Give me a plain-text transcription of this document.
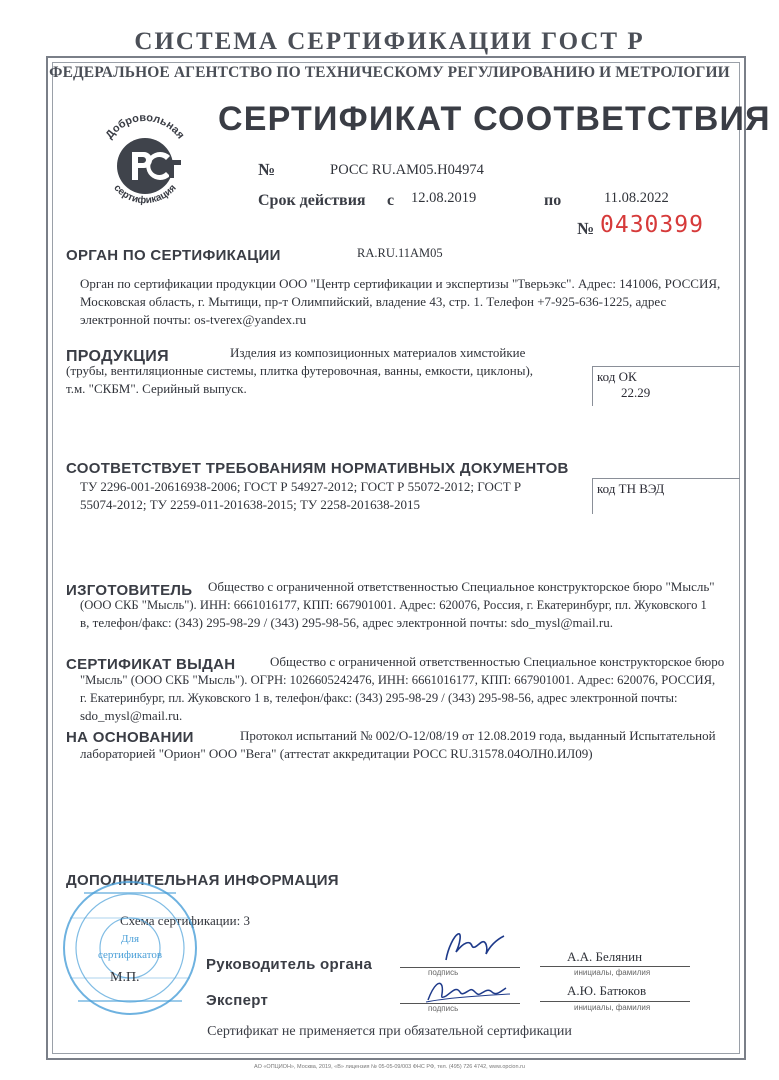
СИСТЕМА СЕРТИФИКАЦИИ ГОСТ Р
ФЕДЕРАЛЬНОЕ АГЕНТСТВО ПО ТЕХНИЧЕСКОМУ РЕГУЛИРОВАНИЮ И МЕТРОЛОГИИ
Добровольная
сертификация
СЕРТИФИКАТ СООТВЕТСТВИЯ
№	РОСС RU.AM05.H04974
Срок действия с 12.08.2019	по	11.08.2022
№ 0430399
ОРГАН ПО СЕРТИФИКАЦИИ	RA.RU.11AM05
Орган по сертификации продукции ООО "Центр сертификации и экспертизы "Тверьэкс". Адрес: 141006, РОССИЯ, Московская область, г. Мытищи, пр-т Олимпийский, владение 43, стр. 1. Телефон +7-925-636-1225, адрес электронной почты: os-tverex@yandex.ru
ПРОДУКЦИЯ	Изделия из композиционных материалов химстойкие
(трубы, вентиляционные системы, плитка футеровочная, ванны, емкости, циклоны),
т.м. "СКБМ". Серийный выпуск.
код ОК
22.29
СООТВЕТСТВУЕТ ТРЕБОВАНИЯМ НОРМАТИВНЫХ ДОКУМЕНТОВ
ТУ 2296-001-20616938-2006; ГОСТ Р 54927-2012; ГОСТ Р 55072-2012; ГОСТ Р
55074-2012; ТУ 2259-011-201638-2015; ТУ 2258-201638-2015
код ТН ВЭД
ИЗГОТОВИТЕЛЬ Общество с ограниченной ответственностью Специальное конструкторское бюро "Мысль"
(ООО СКБ "Мысль"). ИНН: 6661016177, КПП: 667901001. Адрес: 620076, Россия, г. Екатеринбург, пл. Жуковского 1
в, телефон/факс: (343) 295-98-29 / (343) 295-98-56, адрес электронной почты: sdo_mysl@mail.ru.
СЕРТИФИКАТ ВЫДАН	Общество с ограниченной ответственностью Специальное конструкторское бюро
"Мысль" (ООО СКБ "Мысль"). ОГРН: 1026605242476, ИНН: 6661016177, КПП: 667901001. Адрес: 620076, РОССИЯ,
г. Екатеринбург, пл. Жуковского 1 в, телефон/факс: (343) 295-98-29 / (343) 295-98-56, адрес электронной почты:
sdo_mysl@mail.ru.
НА ОСНОВАНИИ	Протокол испытаний № 002/О-12/08/19 от 12.08.2019 года, выданный Испытательной
лабораторией "Орион" ООО "Вега" (аттестат аккредитации РОСС RU.31578.04ОЛН0.ИЛ09)
ДОПОЛНИТЕЛЬНАЯ ИНФОРМАЦИЯ
Схема сертификации: 3
Для
сертификатов
Руководитель органа
М.П.
Эксперт
подпись
А.А. Белянин
инициалы, фамилия
подпись
А.Ю. Батюков
инициалы, фамилия
Сертификат не применяется при обязательной сертификации
АО «ОПЦИОН», Москва, 2019, «В» лицензия № 05-05-09/003 ФНС РФ, тел. (495) 726 4742, www.opcion.ru
